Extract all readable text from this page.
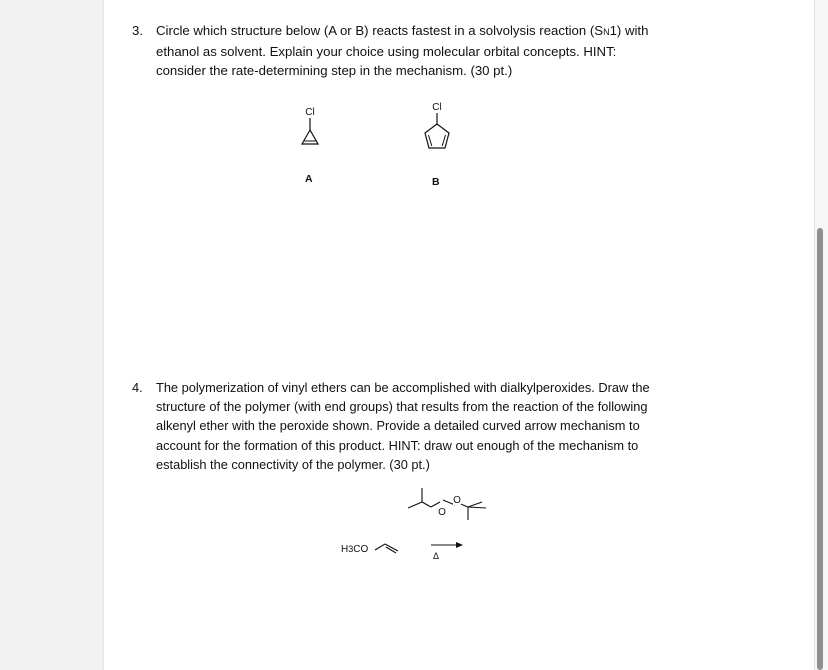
3. Circle which structure below (A or B) reacts fastest in a solvolysis reaction (SN1) with
ethanol as solvent. Explain your choice using molecular orbital concepts. HINT:
consider the rate-determining step in the mechanism. (30 pt.)
Cl
A
Cl
B
4. The polymerization of vinyl ethers can be accomplished with dialkylperoxides. Draw the
structure of the polymer (with end groups) that results from the reaction of the following
alkenyl ether with the peroxide shown. Provide a detailed curved arrow mechanism to
account for the formation of this product. HINT: draw out enough of the mechanism to
establish the connectivity of the polymer. (30 pt.)
O
O
H3CO
Δ
